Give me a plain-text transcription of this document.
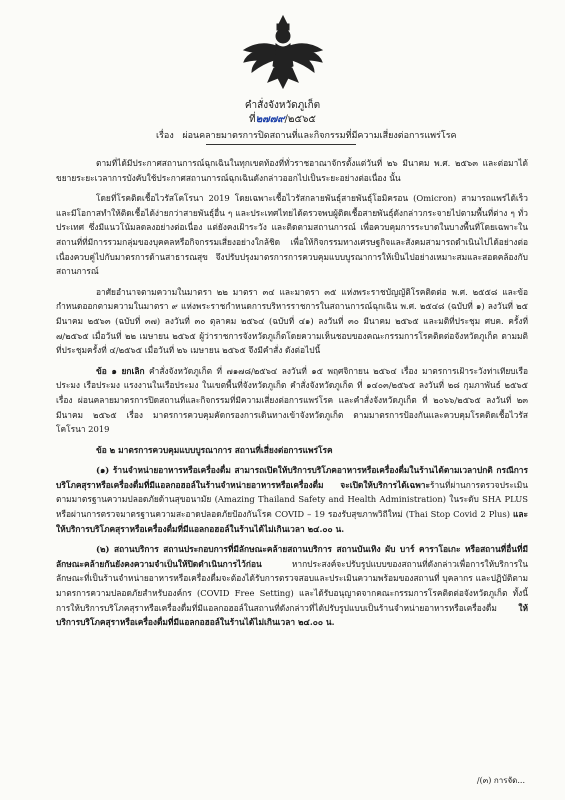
คำสั่งจังหวัดภูเก็ต
ที่๒๗๗๙/๒๕๖๕
เรื่อง ผ่อนคลายมาตรการปิดสถานที่และกิจกรรมที่มีความเสี่ยงต่อการแพร่โรค

ตามที่ได้มีประกาศสถานการณ์ฉุกเฉินในทุกเขตท้องที่ทั่วราชอาณาจักรตั้งแต่วันที่ ๒๖ มีนาคม พ.ศ. ๒๕๖๓ และต่อมาได้ขยายระยะเวลาการบังคับใช้ประกาศสถานการณ์ฉุกเฉินดังกล่าวออกไปเป็นระยะอย่างต่อเนื่อง นั้น

โดยที่โรคติดเชื้อไวรัสโคโรนา 2019 โดยเฉพาะเชื้อไวรัสกลายพันธุ์สายพันธุ์โอมิครอน (Omicron) สามารถแพร่ได้เร็วและมีโอกาสทำให้ติดเชื้อได้ง่ายกว่าสายพันธุ์อื่น ๆ และประเทศไทยได้ตรวจพบผู้ติดเชื้อสายพันธุ์ดังกล่าวกระจายไปตามพื้นที่ต่าง ๆ ทั่วประเทศ ซึ่งมีแนวโน้มลดลงอย่างต่อเนื่อง แต่ยังคงเฝ้าระวัง และติดตามสถานการณ์ เพื่อควบคุมการระบาดในบางพื้นที่โดยเฉพาะในสถานที่ที่มีการรวมกลุ่มของบุคคลหรือกิจกรรมเสี่ยงอย่างใกล้ชิด เพื่อให้กิจกรรมทางเศรษฐกิจและสังคมสามารถดำเนินไปได้อย่างต่อเนื่องควบคู่ไปกับมาตรการด้านสาธารณสุข จึงปรับปรุงมาตรการการควบคุมแบบบูรณาการให้เป็นไปอย่างเหมาะสมและสอดคล้องกับสถานการณ์

อาศัยอำนาจตามความในมาตรา ๒๒ มาตรา ๓๔ และมาตรา ๓๕ แห่งพระราชบัญญัติโรคติดต่อ พ.ศ. ๒๕๕๘ และข้อกำหนดออกตามความในมาตรา ๙ แห่งพระราชกำหนดการบริหารราชการในสถานการณ์ฉุกเฉิน พ.ศ. ๒๕๔๘ (ฉบับที่ ๑) ลงวันที่ ๒๕ มีนาคม ๒๕๖๓ (ฉบับที่ ๓๗) ลงวันที่ ๓๐ ตุลาคม ๒๕๖๔ (ฉบับที่ ๔๑) ลงวันที่ ๓๐ มีนาคม ๒๕๖๕ และมติที่ประชุม ศบค. ครั้งที่ ๗/๒๕๖๕ เมื่อวันที่ ๒๒ เมษายน ๒๕๖๕ ผู้ว่าราชการจังหวัดภูเก็ตโดยความเห็นชอบของคณะกรรมการโรคติดต่อจังหวัดภูเก็ต ตามมติที่ประชุมครั้งที่ ๔/๒๕๖๕ เมื่อวันที่ ๒๖ เมษายน ๒๕๖๕ จึงมีคำสั่ง ดังต่อไปนี้

ข้อ ๑ ยกเลิก คำสั่งจังหวัดภูเก็ต ที่ ๗๑๗๘/๒๕๖๔ ลงวันที่ ๑๕ พฤศจิกายน ๒๕๖๔ เรื่อง มาตรการเฝ้าระวังท่าเทียบเรือประมง เรือประมง แรงงานในเรือประมง ในเขตพื้นที่จังหวัดภูเก็ต คำสั่งจังหวัดภูเก็ต ที่ ๑๔๐๓/๒๕๖๕ ลงวันที่ ๒๘ กุมภาพันธ์ ๒๕๖๕ เรื่อง ผ่อนคลายมาตรการปิดสถานที่และกิจกรรมที่มีความเสี่ยงต่อการแพร่โรค และคำสั่งจังหวัดภูเก็ต ที่ ๒๐๖๖/๒๕๖๕ ลงวันที่ ๒๓ มีนาคม ๒๕๖๕ เรื่อง มาตรการควบคุมคัดกรองการเดินทางเข้าจังหวัดภูเก็ต ตามมาตรการป้องกันและควบคุมโรคติดเชื้อไวรัสโคโรนา 2019

ข้อ ๒ มาตรการควบคุมแบบบูรณาการ สถานที่เสี่ยงต่อการแพร่โรค

(๑) ร้านจำหน่ายอาหารหรือเครื่องดื่ม สามารถเปิดให้บริการบริโภคอาหารหรือเครื่องดื่มในร้านได้ตามเวลาปกติ กรณีการบริโภคสุราหรือเครื่องดื่มที่มีแอลกอฮอล์ในร้านจำหน่ายอาหารหรือเครื่องดื่ม จะเปิดให้บริการได้เฉพาะร้านที่ผ่านการตรวจประเมินตามมาตรฐานความปลอดภัยด้านสุขอนามัย (Amazing Thailand Safety and Health Administration) ในระดับ SHA PLUS หรือผ่านการตรวจมาตรฐานความสะอาดปลอดภัยป้องกันโรค COVID – 19 รองรับสุขภาพวิถีใหม่ (Thai Stop Covid 2 Plus) และให้บริการบริโภคสุราหรือเครื่องดื่มที่มีแอลกอฮอล์ในร้านได้ไม่เกินเวลา ๒๔.๐๐ น.

(๒) สถานบริการ สถานประกอบการที่มีลักษณะคล้ายสถานบริการ สถานบันเทิง ผับ บาร์ คาราโอเกะ หรือสถานที่อื่นที่มีลักษณะคล้ายกันยังคงความจำเป็นให้ปิดดำเนินการไว้ก่อน	หากประสงค์จะปรับรูปแบบของสถานที่ดังกล่าวเพื่อการให้บริการในลักษณะที่เป็นร้านจำหน่ายอาหารหรือเครื่องดื่มจะต้องได้รับการตรวจสอบและประเมินความพร้อมของสถานที่ บุคลากร และปฏิบัติตามมาตรการความปลอดภัยสำหรับองค์กร (COVID Free Setting) และได้รับอนุญาตจากคณะกรรมการโรคติดต่อจังหวัดภูเก็ต ทั้งนี้ การให้บริการบริโภคสุราหรือเครื่องดื่มที่มีแอลกอฮอล์ในสถานที่ดังกล่าวที่ได้ปรับรูปแบบเป็นร้านจำหน่ายอาหารหรือเครื่องดื่ม	ให้บริการบริโภคสุราหรือเครื่องดื่มที่มีแอลกอฮอล์ในร้านได้ไม่เกินเวลา ๒๔.๐๐ น.

/(๓) การจัด...
